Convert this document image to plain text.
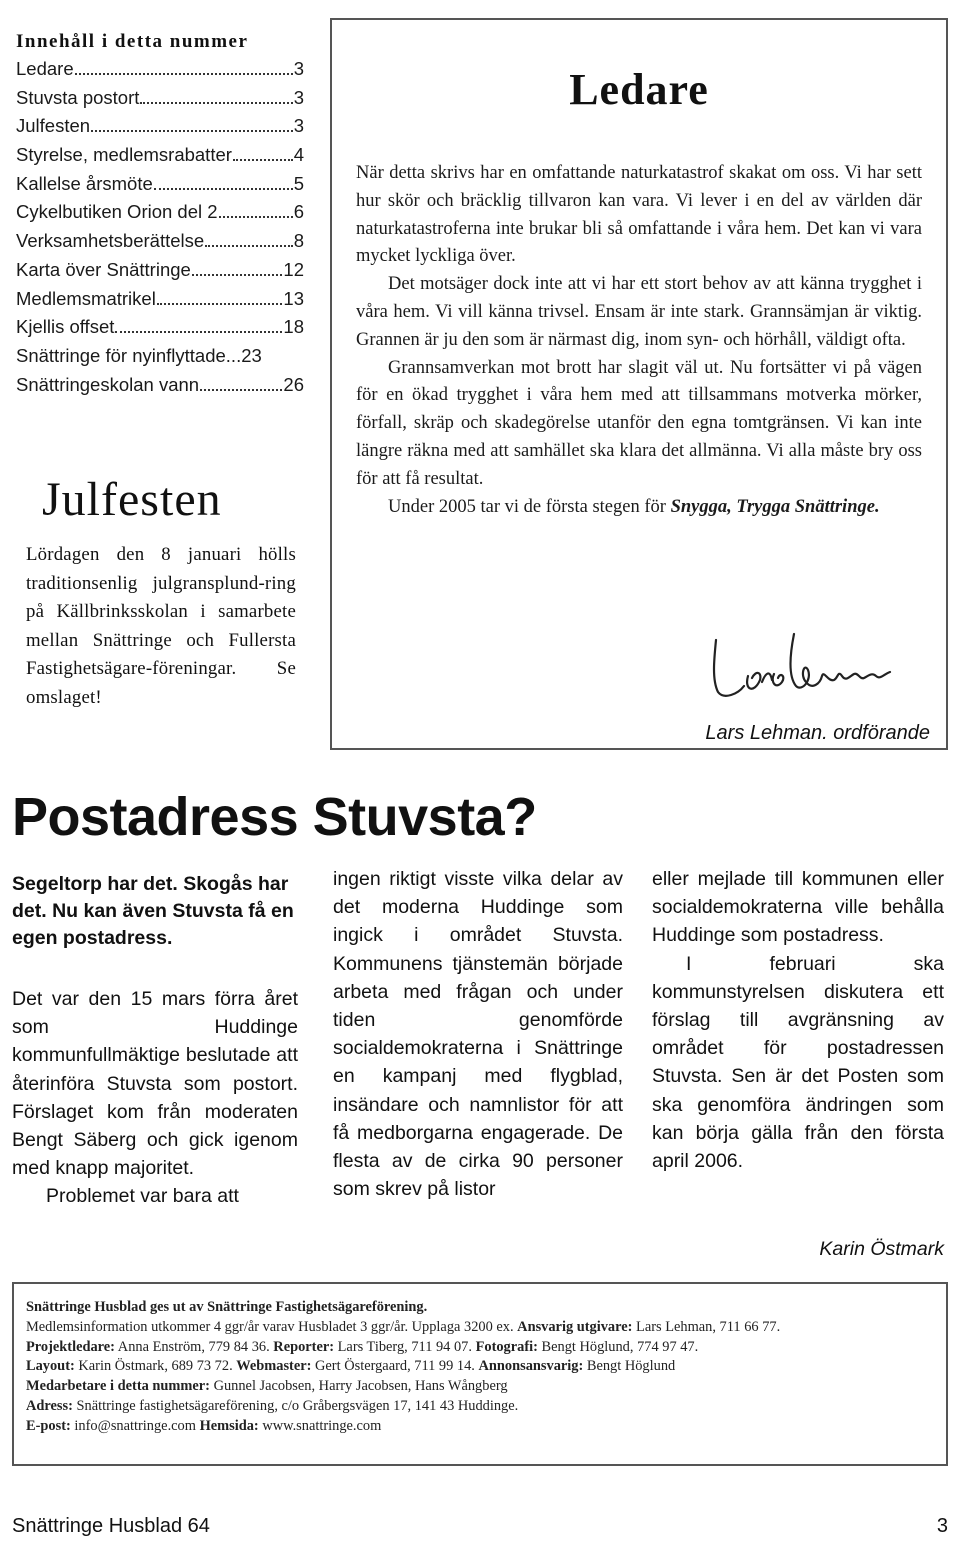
Innehåll i detta nummer
Ledare	3
Stuvsta postort	3
Julfesten	3
Styrelse, medlemsrabatter	4
Kallelse årsmöte	5
Cykelbutiken Orion del 2	6
Verksamhetsberättelse	8
Karta över Snättringe	12
Medlemsmatrikel	13
Kjellis offset	18
Snättringe för nyinflyttade ...23
Snättringeskolan vann	26
Julfesten

Lördagen den 8 januari hölls traditionsenlig julgransplund-ring på Källbrinksskolan i samarbete mellan Snättringe och Fullersta Fastighetsägare-föreningar. Se omslaget!

Ledare

När detta skrivs har en omfattande naturkatastrof skakat om oss. Vi har sett hur skör och bräcklig tillvaron kan vara. Vi lever i en del av världen där naturkatastroferna inte brukar bli så omfattande i våra hem. Det kan vi vara mycket lyckliga över.

Det motsäger dock inte att vi har ett stort behov av att känna trygghet i våra hem. Vi vill känna trivsel. Ensam är inte stark. Grannsämjan är viktig. Grannen är ju den som är närmast dig, inom syn- och hörhåll, väldigt ofta.

Grannsamverkan mot brott har slagit väl ut. Nu fortsätter vi på vägen för en ökad trygghet i våra hem med att tillsammans motverka mörker, förfall, skräp och skadegörelse utanför den egna tomtgränsen. Vi kan inte längre räkna med att samhället ska klara det allmänna. Vi alla måste bry oss för att få resultat.

Under 2005 tar vi de första stegen för Snygga, Trygga Snättringe.

Lars Lehman. ordförande
Postadress Stuvsta?

Segeltorp har det. Skogås har det. Nu kan även Stuvsta få en egen postadress.

Det var den 15 mars förra året som Huddinge kommunfullmäktige beslutade att återinföra Stuvsta som postort. Förslaget kom från moderaten Bengt Säberg och gick igenom med knapp majoritet.

Problemet var bara att

ingen riktigt visste vilka delar av det moderna Huddinge som ingick i området Stuvsta. Kommunens tjänstemän började arbeta med frågan och under tiden genomförde socialdemokraterna i Snättringe en kampanj med flygblad, insändare och namnlistor för att få medborgarna engagerade. De flesta av de cirka 90 personer som skrev på listor

eller mejlade till kommunen eller socialdemokraterna ville behålla Huddinge som postadress.

I februari ska kommunstyrelsen diskutera ett förslag till avgränsning av området för postadressen Stuvsta. Sen är det Posten som ska genomföra ändringen som kan börja gälla från den första april 2006.

Karin Östmark
Snättringe Husblad ges ut av Snättringe Fastighetsägareförening.
Medlemsinformation utkommer 4 ggr/år varav Husbladet 3 ggr/år. Upplaga 3200 ex. Ansvarig utgivare: Lars Lehman, 711 66 77.
Projektledare: Anna Enström, 779 84 36. Reporter: Lars Tiberg, 711 94 07. Fotografi: Bengt Höglund, 774 97 47.
Layout: Karin Östmark, 689 73 72. Webmaster: Gert Östergaard, 711 99 14. Annonsansvarig: Bengt Höglund
Medarbetare i detta nummer: Gunnel Jacobsen, Harry Jacobsen, Hans Wångberg
Adress: Snättringe fastighetsägareförening, c/o Gråbergsvägen 17, 141 43 Huddinge.
E-post: info@snattringe.com Hemsida: www.snattringe.com
Snättringe Husblad 64	3
